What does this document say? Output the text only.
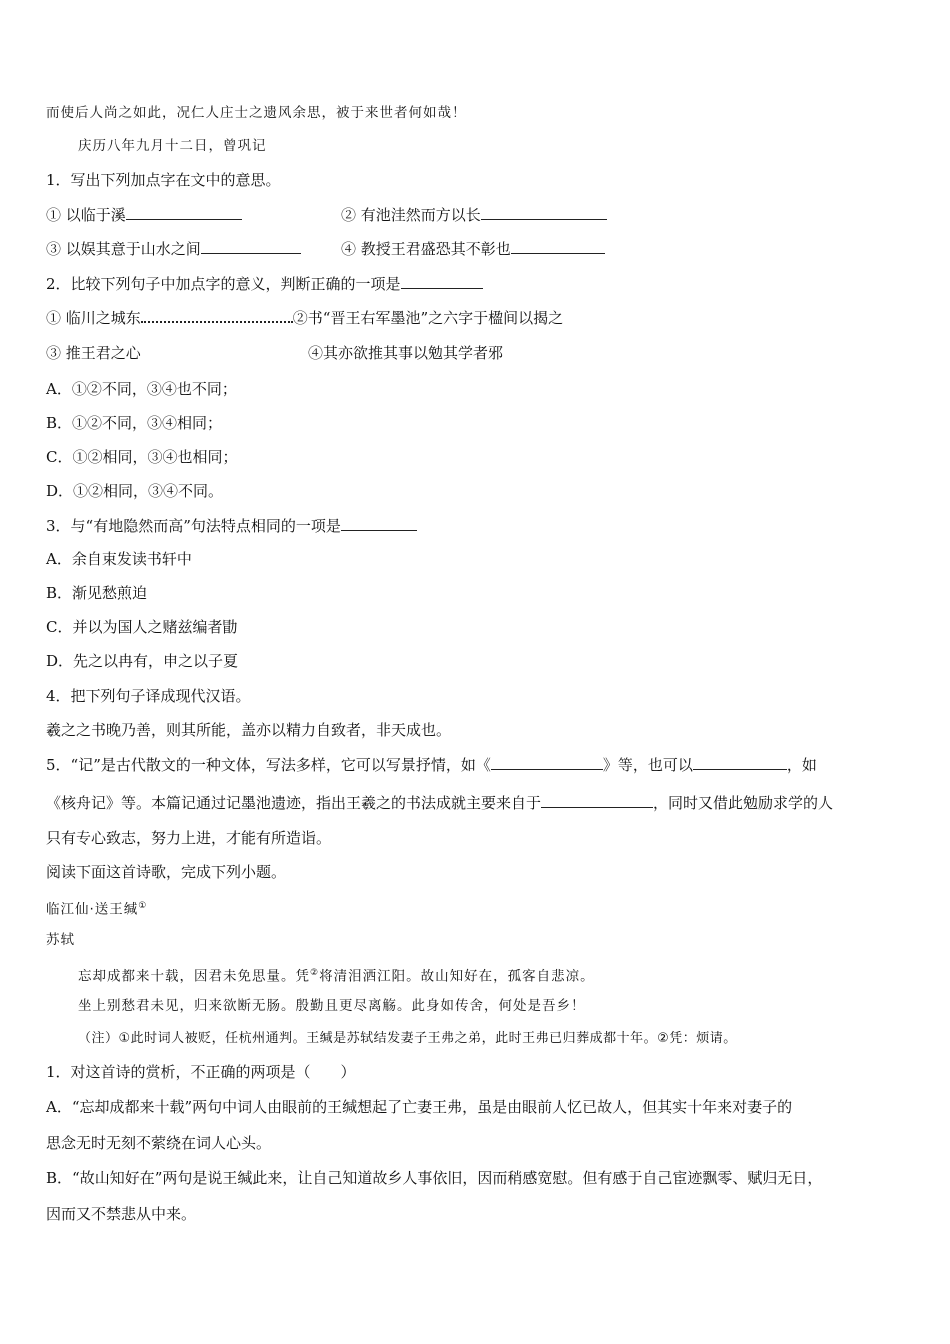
而使后人尚之如此，况仁人庄士之遗风余思，被于来世者何如哉！
庆历八年九月十二日，曾巩记
1．写出下列加点字在文中的意思。
① 以临于溪	② 有池洼然而方以长
③ 以娱其意于山水之间	④ 教授王君盛恐其不彰也
2．比较下列句子中加点字的意义，判断正确的一项是
① 临川之城东	②书“晋王右军墨池”之六字于楹间以揭之
③ 推王君之心	④其亦欲推其事以勉其学者邪
A．①②不同，③④也不同；
B．①②不同，③④相同；
C．①②相同，③④也相同；
D．①②相同，③④不同。
3．与“有地隐然而高”句法特点相同的一项是
A．余自束发读书轩中
B．渐见愁煎迫
C．并以为国人之赌兹编者勖
D．先之以冉有，申之以子夏
4．把下列句子译成现代汉语。
羲之之书晚乃善，则其所能，盖亦以精力自致者，非天成也。
5．“记”是古代散文的一种文体，写法多样，它可以写景抒情，如《	》等，也可以	，如
《核舟记》等。本篇记通过记墨池遗迹，指出王羲之的书法成就主要来自于	，同时又借此勉励求学的人
只有专心致志，努力上进，才能有所造诣。
阅读下面这首诗歌，完成下列小题。
临江仙·送王缄①
苏轼
忘却成都来十载，因君未免思量。凭②将清泪洒江阳。故山知好在，孤客自悲凉。
坐上别愁君未见，归来欲断无肠。殷勤且更尽离觞。此身如传舍，何处是吾乡！
（注）①此时词人被贬，任杭州通判。王缄是苏轼结发妻子王弗之弟，此时王弗已归葬成都十年。②凭：烦请。
1．对这首诗的赏析，不正确的两项是（　　）
A．“忘却成都来十载”两句中词人由眼前的王缄想起了亡妻王弗，虽是由眼前人忆已故人，但其实十年来对妻子的
思念无时无刻不萦绕在词人心头。
B．“故山知好在”两句是说王缄此来，让自己知道故乡人事依旧，因而稍感宽慰。但有感于自己宦迹飘零、赋归无日，
因而又不禁悲从中来。
